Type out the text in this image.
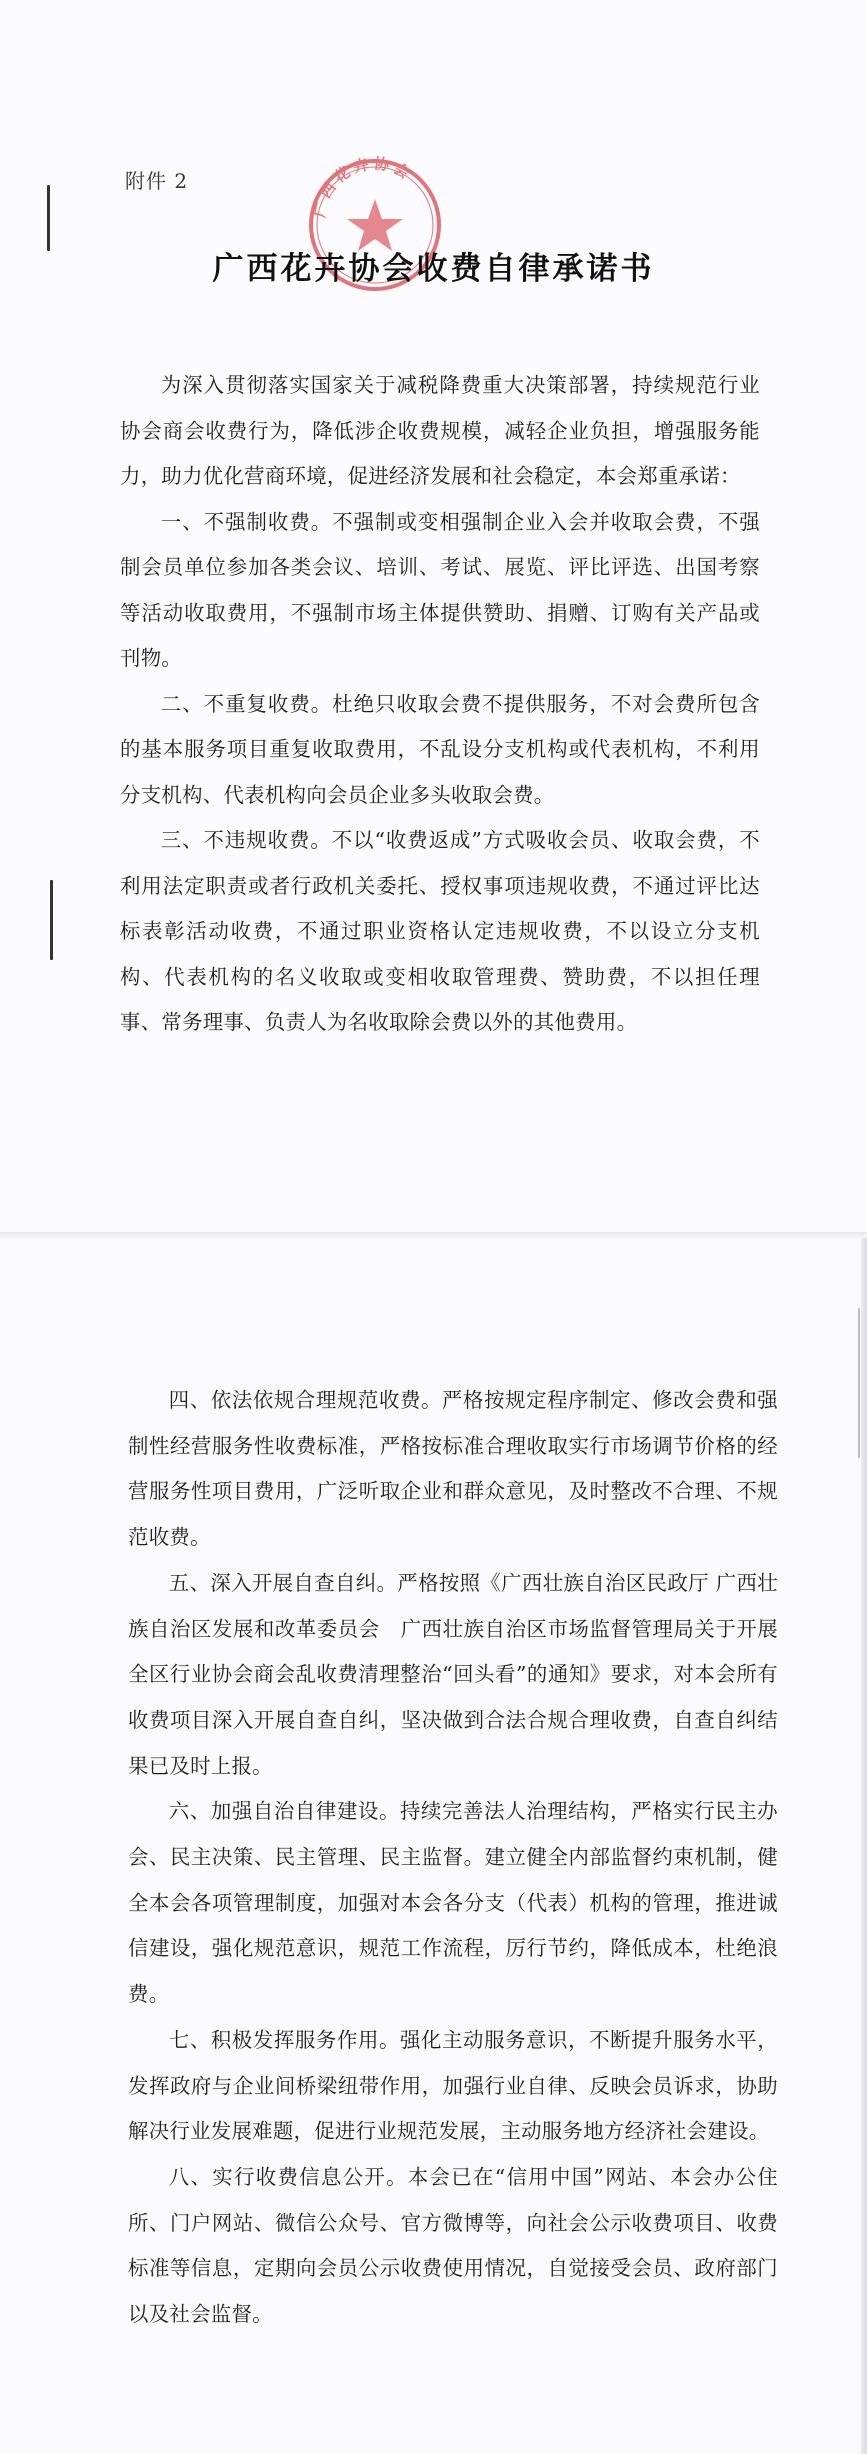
附件 2
广西花卉协会
广西花卉协会收费自律承诺书

为深入贯彻落实国家关于减税降费重大决策部署，持续规范行业协会商会收费行为，降低涉企收费规模，减轻企业负担，增强服务能力，助力优化营商环境，促进经济发展和社会稳定，本会郑重承诺：

一、不强制收费。不强制或变相强制企业入会并收取会费，不强制会员单位参加各类会议、培训、考试、展览、评比评选、出国考察等活动收取费用，不强制市场主体提供赞助、捐赠、订购有关产品或刊物。

二、不重复收费。杜绝只收取会费不提供服务，不对会费所包含的基本服务项目重复收取费用，不乱设分支机构或代表机构，不利用分支机构、代表机构向会员企业多头收取会费。

三、不违规收费。不以“收费返成”方式吸收会员、收取会费，不利用法定职责或者行政机关委托、授权事项违规收费，不通过评比达标表彰活动收费，不通过职业资格认定违规收费，不以设立分支机构、代表机构的名义收取或变相收取管理费、赞助费，不以担任理事、常务理事、负责人为名收取除会费以外的其他费用。

四、依法依规合理规范收费。严格按规定程序制定、修改会费和强制性经营服务性收费标准，严格按标准合理收取实行市场调节价格的经营服务性项目费用，广泛听取企业和群众意见，及时整改不合理、不规范收费。

五、深入开展自查自纠。严格按照《广西壮族自治区民政厅 广西壮族自治区发展和改革委员会　广西壮族自治区市场监督管理局关于开展全区行业协会商会乱收费清理整治“回头看”的通知》要求，对本会所有收费项目深入开展自查自纠，坚决做到合法合规合理收费，自查自纠结果已及时上报。

六、加强自治自律建设。持续完善法人治理结构，严格实行民主办会、民主决策、民主管理、民主监督。建立健全内部监督约束机制，健全本会各项管理制度，加强对本会各分支（代表）机构的管理，推进诚信建设，强化规范意识，规范工作流程，厉行节约，降低成本，杜绝浪费。

七、积极发挥服务作用。强化主动服务意识，不断提升服务水平，发挥政府与企业间桥梁纽带作用，加强行业自律、反映会员诉求，协助解决行业发展难题，促进行业规范发展，主动服务地方经济社会建设。

八、实行收费信息公开。本会已在“信用中国”网站、本会办公住所、门户网站、微信公众号、官方微博等，向社会公示收费项目、收费标准等信息，定期向会员公示收费使用情况，自觉接受会员、政府部门以及社会监督。
